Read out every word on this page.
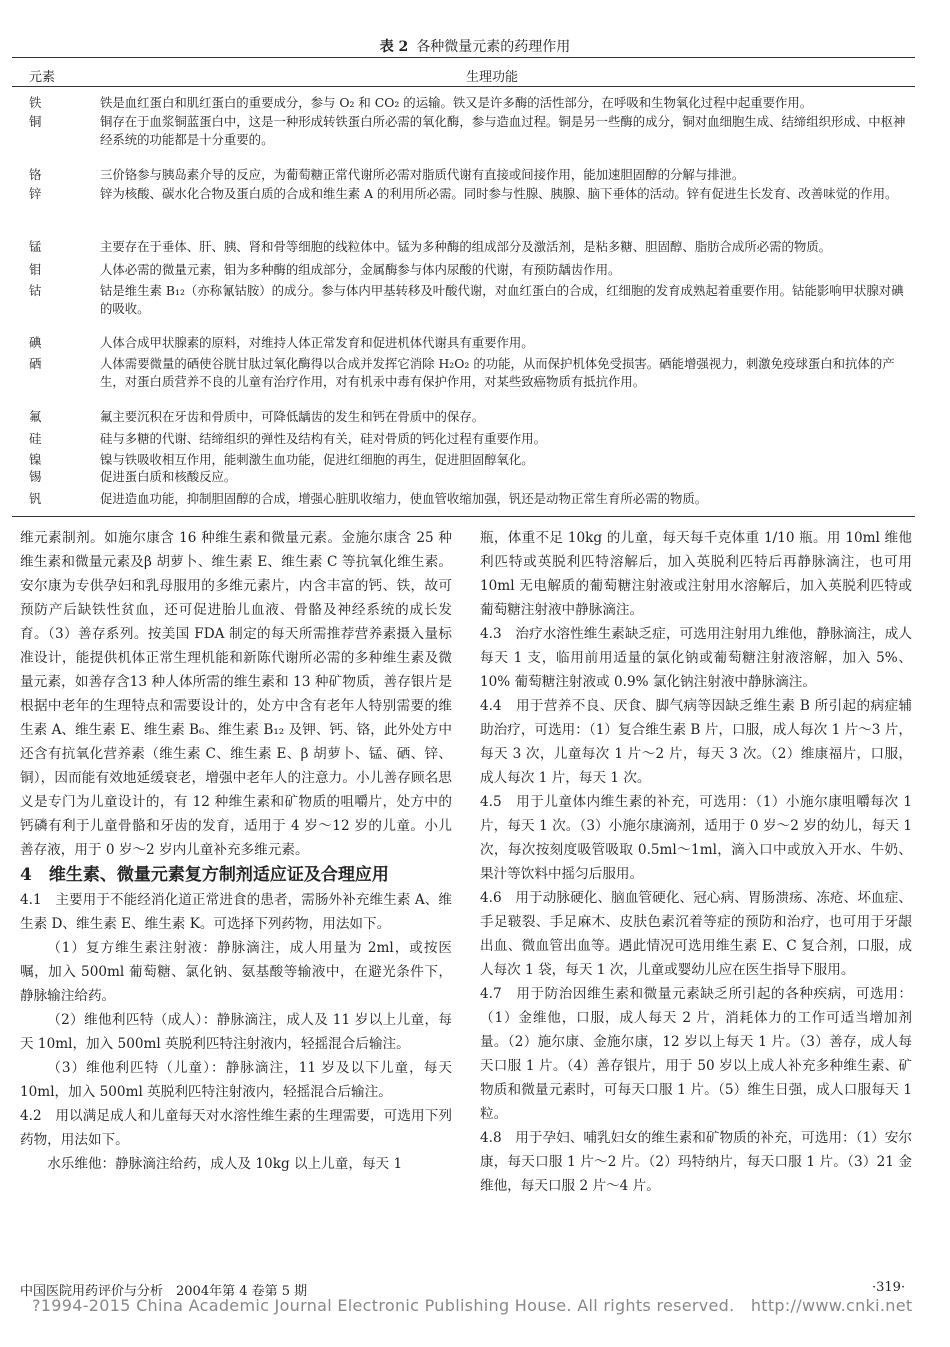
表 2 各种微量元素的药理作用
元素	生理功能
铁	铁是血红蛋白和肌红蛋白的重要成分，参与 O₂ 和 CO₂ 的运输。铁又是许多酶的活性部分，在呼吸和生物氧化过程中起重要作用。
铜	铜存在于血浆铜蓝蛋白中，这是一种形成转铁蛋白所必需的氧化酶，参与造血过程。铜是另一些酶的成分，铜对血细胞生成、结缔组织形成、中枢神经系统的功能都是十分重要的。
铬	三价铬参与胰岛素介导的反应，为葡萄糖正常代谢所必需对脂质代谢有直接或间接作用，能加速胆固醇的分解与排泄。
锌	锌为核酸、碳水化合物及蛋白质的合成和维生素 A 的利用所必需。同时参与性腺、胰腺、脑下垂体的活动。锌有促进生长发育、改善味觉的作用。
锰	主要存在于垂体、肝、胰、肾和骨等细胞的线粒体中。锰为多种酶的组成部分及激活剂，是粘多糖、胆固醇、脂肪合成所必需的物质。
钼	人体必需的微量元素，钼为多种酶的组成部分，金属酶参与体内尿酸的代谢，有预防龋齿作用。
钴	钴是维生素 B₁₂（亦称氰钴胺）的成分。参与体内甲基转移及叶酸代谢，对血红蛋白的合成，红细胞的发育成熟起着重要作用。钴能影响甲状腺对碘的吸收。
碘	人体合成甲状腺素的原料，对维持人体正常发育和促进机体代谢具有重要作用。
硒	人体需要微量的硒使谷胱甘肽过氧化酶得以合成并发挥它消除 H₂O₂ 的功能，从而保护机体免受损害。硒能增强视力，刺激免疫球蛋白和抗体的产生，对蛋白质营养不良的儿童有治疗作用，对有机汞中毒有保护作用，对某些致癌物质有抵抗作用。
氟	氟主要沉积在牙齿和骨质中，可降低龋齿的发生和钙在骨质中的保存。
硅	硅与多糖的代谢、结缔组织的弹性及结构有关，硅对骨质的钙化过程有重要作用。
镍	镍与铁吸收相互作用，能刺激生血功能，促进红细胞的再生，促进胆固醇氧化。
锡	促进蛋白质和核酸反应。
钒	促进造血功能，抑制胆固醇的合成，增强心脏肌收缩力，使血管收缩加强，钒还是动物正常生育所必需的物质。

维元素制剂。如施尔康含 16 种维生素和微量元素。金施尔康含 25 种维生素和微量元素及β 胡萝卜、维生素 E、维生素 C 等抗氧化维生素。安尔康为专供孕妇和乳母服用的多维元素片，内含丰富的钙、铁，故可预防产后缺铁性贫血，还可促进胎儿血液、骨骼及神经系统的成长发育。（3）善存系列。按美国 FDA 制定的每天所需推荐营养素摄入量标准设计，能提供机体正常生理机能和新陈代谢所必需的多种维生素及微量元素，如善存含13 种人体所需的维生素和 13 种矿物质，善存银片是根据中老年的生理特点和需要设计的，处方中含有老年人特别需要的维生素 A、维生素 E、维生素 B₆、维生素 B₁₂ 及钾、钙、铬，此外处方中还含有抗氧化营养素（维生素 C、维生素 E、β 胡萝卜、锰、硒、锌、铜），因而能有效地延缓衰老，增强中老年人的注意力。小儿善存顾名思义是专门为儿童设计的，有 12 种维生素和矿物质的咀嚼片，处方中的钙磷有利于儿童骨骼和牙齿的发育，适用于 4 岁～12 岁的儿童。小儿善存液，用于 0 岁～2 岁内儿童补充多维元素。

4　维生素、微量元素复方制剂适应证及合理应用

4.1　主要用于不能经消化道正常进食的患者，需肠外补充维生素 A、维生素 D、维生素 E、维生素 K。可选择下列药物，用法如下。

（1）复方维生素注射液：静脉滴注，成人用量为 2ml，或按医嘱，加入 500ml 葡萄糖、氯化钠、氨基酸等输液中，在避光条件下，静脉输注给药。

（2）维他利匹特（成人）：静脉滴注，成人及 11 岁以上儿童，每天 10ml，加入 500ml 英脱利匹特注射液内，轻摇混合后输注。

（3）维他利匹特（儿童）：静脉滴注，11 岁及以下儿童，每天 10ml，加入 500ml 英脱利匹特注射液内，轻摇混合后输注。

4.2　用以满足成人和儿童每天对水溶性维生素的生理需要，可选用下列药物，用法如下。

水乐维他：静脉滴注给药，成人及 10kg 以上儿童，每天 1

瓶，体重不足 10kg 的儿童，每天每千克体重 1/10 瓶。用 10ml 维他利匹特或英脱利匹特溶解后，加入英脱利匹特后再静脉滴注，也可用 10ml 无电解质的葡萄糖注射液或注射用水溶解后，加入英脱利匹特或葡萄糖注射液中静脉滴注。

4.3　治疗水溶性维生素缺乏症，可选用注射用九维他，静脉滴注，成人每天 1 支，临用前用适量的氯化钠或葡萄糖注射液溶解，加入 5%、10% 葡萄糖注射液或 0.9% 氯化钠注射液中静脉滴注。

4.4　用于营养不良、厌食、脚气病等因缺乏维生素 B 所引起的病症辅助治疗，可选用：（1）复合维生素 B 片，口服，成人每次 1 片～3 片，每天 3 次，儿童每次 1 片～2 片，每天 3 次。（2）维康福片，口服，成人每次 1 片，每天 1 次。

4.5　用于儿童体内维生素的补充，可选用：（1）小施尔康咀嚼每次 1 片，每天 1 次。（3）小施尔康滴剂，适用于 0 岁～2 岁的幼儿，每天 1 次，每次按刻度吸管吸取 0.5ml～1ml，滴入口中或放入开水、牛奶、果汁等饮料中摇匀后服用。

4.6　用于动脉硬化、脑血管硬化、冠心病、胃肠溃疡、冻疮、坏血症、手足皲裂、手足麻木、皮肤色素沉着等症的预防和治疗，也可用于牙龈出血、微血管出血等。遇此情况可选用维生素 E、C 复合剂，口服，成人每次 1 袋，每天 1 次，儿童或婴幼儿应在医生指导下服用。

4.7　用于防治因维生素和微量元素缺乏所引起的各种疾病，可选用：（1）金维他，口服，成人每天 2 片，消耗体力的工作可适当增加剂量。（2）施尔康、金施尔康，12 岁以上每天 1 片。（3）善存，成人每天口服 1 片。（4）善存银片，用于 50 岁以上成人补充多种维生素、矿物质和微量元素时，可每天口服 1 片。（5）维生日强，成人口服每天 1 粒。

4.8　用于孕妇、哺乳妇女的维生素和矿物质的补充，可选用：（1）安尔康，每天口服 1 片～2 片。（2）玛特纳片，每天口服 1 片。（3）21 金维他，每天口服 2 片～4 片。

中国医院用药评价与分析　2004年第 4 卷第 5 期	·319·
?1994-2015 China Academic Journal Electronic Publishing House. All rights reserved.　http://www.cnki.net
